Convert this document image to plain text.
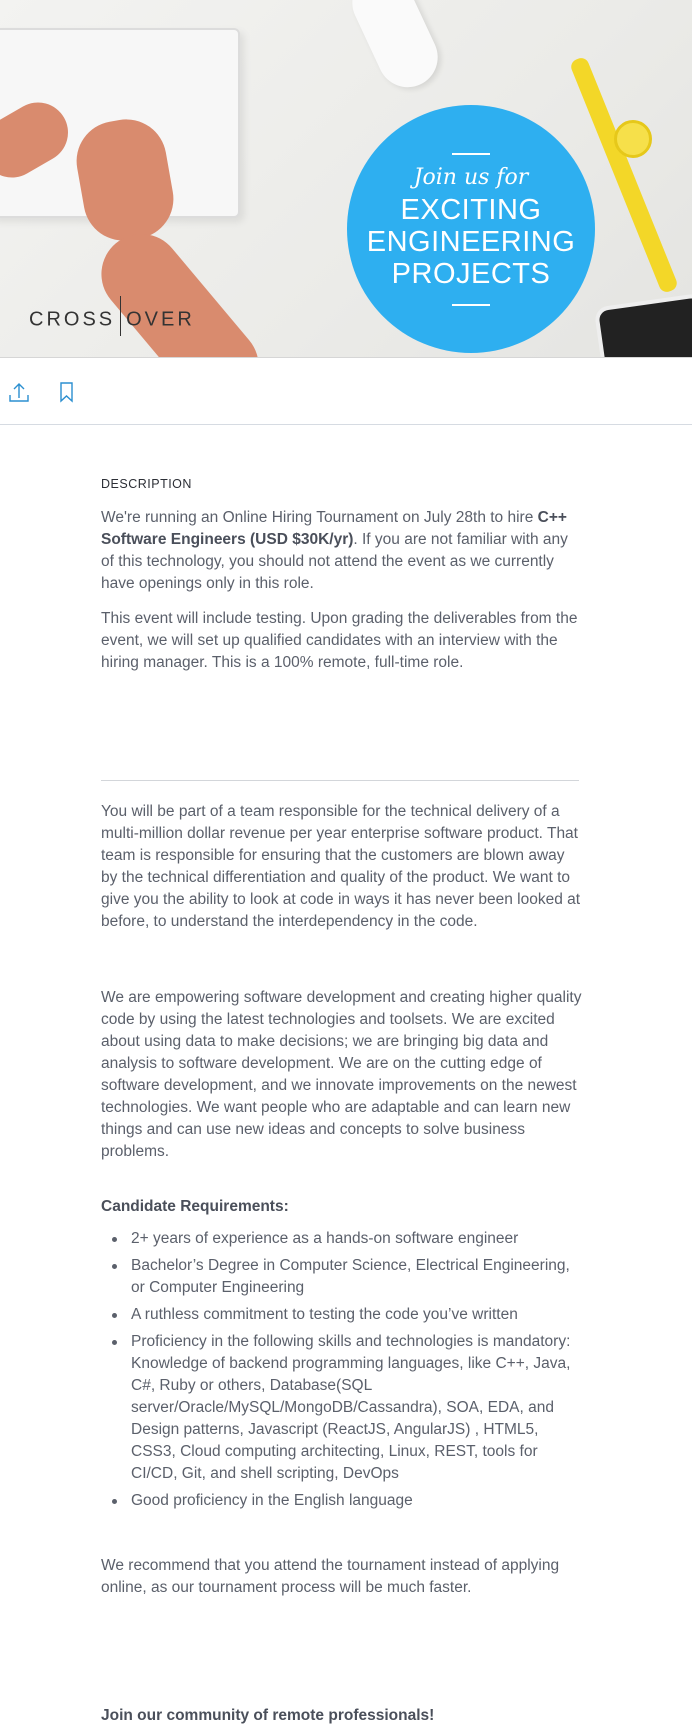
Join us for
EXCITING
ENGINEERING
PROJECTS
CROSS OVER
DESCRIPTION

We're running an Online Hiring Tournament on July 28th to hire C++ Software Engineers (USD $30K/yr). If you are not familiar with any of this technology, you should not attend the event as we currently have openings only in this role.

This event will include testing. Upon grading the deliverables from the event, we will set up qualified candidates with an interview with the hiring manager. This is a 100% remote, full-time role.

You will be part of a team responsible for the technical delivery of a multi-million dollar revenue per year enterprise software product. That team is responsible for ensuring that the customers are blown away by the technical differentiation and quality of the product. We want to give you the ability to look at code in ways it has never been looked at before, to understand the interdependency in the code.

We are empowering software development and creating higher quality code by using the latest technologies and toolsets. We are excited about using data to make decisions; we are bringing big data and analysis to software development. We are on the cutting edge of software development, and we innovate improvements on the newest technologies. We want people who are adaptable and can learn new things and can use new ideas and concepts to solve business problems.

Candidate Requirements:
2+ years of experience as a hands-on software engineer
Bachelor’s Degree in Computer Science, Electrical Engineering, or Computer Engineering
A ruthless commitment to testing the code you’ve written
Proficiency in the following skills and technologies is mandatory: Knowledge of backend programming languages, like C++, Java, C#, Ruby or others, Database(SQL server/Oracle/MySQL/MongoDB/Cassandra), SOA, EDA, and Design patterns, Javascript (ReactJS, AngularJS) , HTML5, CSS3, Cloud computing architecting, Linux, REST, tools for CI/CD, Git, and shell scripting, DevOps
Good proficiency in the English language

We recommend that you attend the tournament instead of applying online, as our tournament process will be much faster.

Join our community of remote professionals!
